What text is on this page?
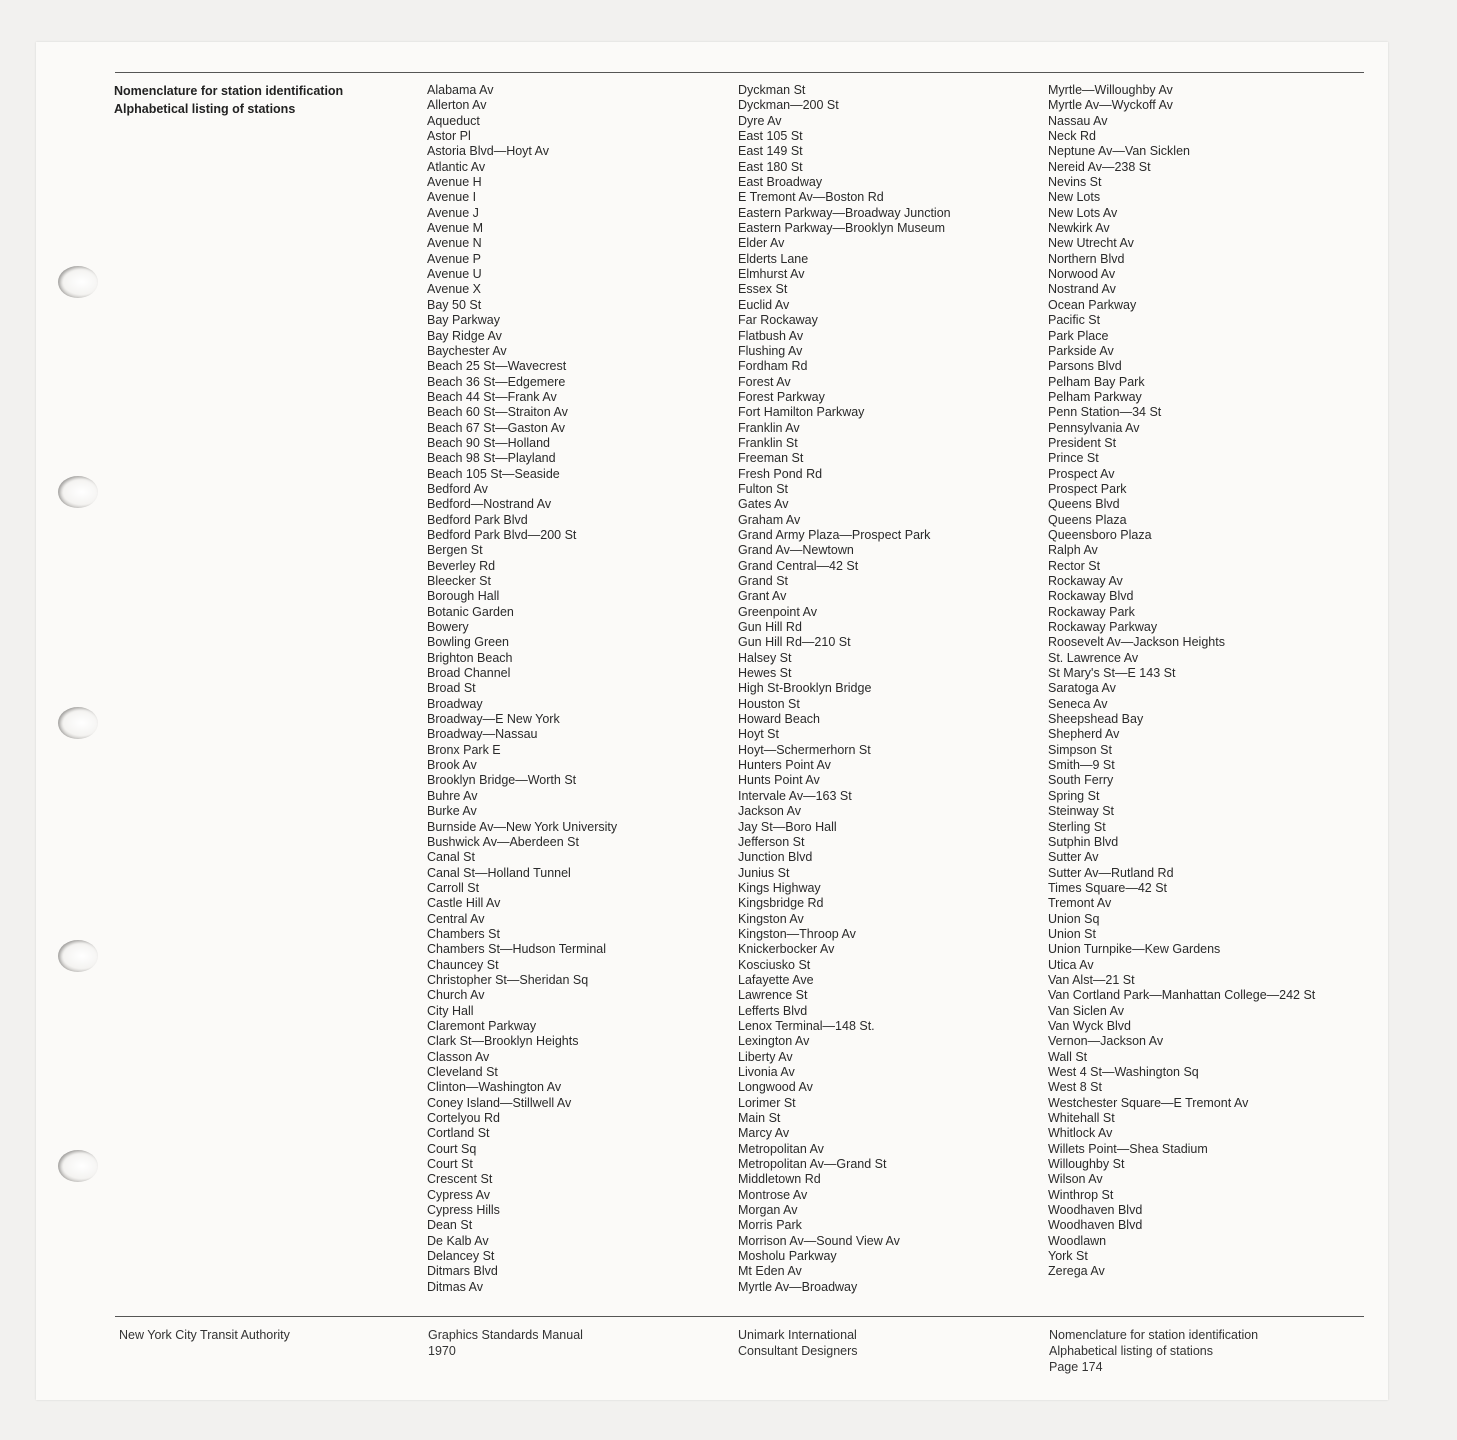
Nomenclature for station identification
Alphabetical listing of stations
Alabama Av
Allerton Av
Aqueduct
Astor Pl
Astoria Blvd—Hoyt Av
Atlantic Av
Avenue H
Avenue I
Avenue J
Avenue M
Avenue N
Avenue P
Avenue U
Avenue X
Bay 50 St
Bay Parkway
Bay Ridge Av
Baychester Av
Beach 25 St—Wavecrest
Beach 36 St—Edgemere
Beach 44 St—Frank Av
Beach 60 St—Straiton Av
Beach 67 St—Gaston Av
Beach 90 St—Holland
Beach 98 St—Playland
Beach 105 St—Seaside
Bedford Av
Bedford—Nostrand Av
Bedford Park Blvd
Bedford Park Blvd—200 St
Bergen St
Beverley Rd
Bleecker St
Borough Hall
Botanic Garden
Bowery
Bowling Green
Brighton Beach
Broad Channel
Broad St
Broadway
Broadway—E New York
Broadway—Nassau
Bronx Park E
Brook Av
Brooklyn Bridge—Worth St
Buhre Av
Burke Av
Burnside Av—New York University
Bushwick Av—Aberdeen St
Canal St
Canal St—Holland Tunnel
Carroll St
Castle Hill Av
Central Av
Chambers St
Chambers St—Hudson Terminal
Chauncey St
Christopher St—Sheridan Sq
Church Av
City Hall
Claremont Parkway
Clark St—Brooklyn Heights
Classon Av
Cleveland St
Clinton—Washington Av
Coney Island—Stillwell Av
Cortelyou Rd
Cortland St
Court Sq
Court St
Crescent St
Cypress Av
Cypress Hills
Dean St
De Kalb Av
Delancey St
Ditmars Blvd
Ditmas Av
Dyckman St
Dyckman—200 St
Dyre Av
East 105 St
East 149 St
East 180 St
East Broadway
E Tremont Av—Boston Rd
Eastern Parkway—Broadway Junction
Eastern Parkway—Brooklyn Museum
Elder Av
Elderts Lane
Elmhurst Av
Essex St
Euclid Av
Far Rockaway
Flatbush Av
Flushing Av
Fordham Rd
Forest Av
Forest Parkway
Fort Hamilton Parkway
Franklin Av
Franklin St
Freeman St
Fresh Pond Rd
Fulton St
Gates Av
Graham Av
Grand Army Plaza—Prospect Park
Grand Av—Newtown
Grand Central—42 St
Grand St
Grant Av
Greenpoint Av
Gun Hill Rd
Gun Hill Rd—210 St
Halsey St
Hewes St
High St-Brooklyn Bridge
Houston St
Howard Beach
Hoyt St
Hoyt—Schermerhorn St
Hunters Point Av
Hunts Point Av
Intervale Av—163 St
Jackson Av
Jay St—Boro Hall
Jefferson St
Junction Blvd
Junius St
Kings Highway
Kingsbridge Rd
Kingston Av
Kingston—Throop Av
Knickerbocker Av
Kosciusko St
Lafayette Ave
Lawrence St
Lefferts Blvd
Lenox Terminal—148 St.
Lexington Av
Liberty Av
Livonia Av
Longwood Av
Lorimer St
Main St
Marcy Av
Metropolitan Av
Metropolitan Av—Grand St
Middletown Rd
Montrose Av
Morgan Av
Morris Park
Morrison Av—Sound View Av
Mosholu Parkway
Mt Eden Av
Myrtle Av—Broadway
Myrtle—Willoughby Av
Myrtle Av—Wyckoff Av
Nassau Av
Neck Rd
Neptune Av—Van Sicklen
Nereid Av—238 St
Nevins St
New Lots
New Lots Av
Newkirk Av
New Utrecht Av
Northern Blvd
Norwood Av
Nostrand Av
Ocean Parkway
Pacific St
Park Place
Parkside Av
Parsons Blvd
Pelham Bay Park
Pelham Parkway
Penn Station—34 St
Pennsylvania Av
President St
Prince St
Prospect Av
Prospect Park
Queens Blvd
Queens Plaza
Queensboro Plaza
Ralph Av
Rector St
Rockaway Av
Rockaway Blvd
Rockaway Park
Rockaway Parkway
Roosevelt Av—Jackson Heights
St. Lawrence Av
St Mary's St—E 143 St
Saratoga Av
Seneca Av
Sheepshead Bay
Shepherd Av
Simpson St
Smith—9 St
South Ferry
Spring St
Steinway St
Sterling St
Sutphin Blvd
Sutter Av
Sutter Av—Rutland Rd
Times Square—42 St
Tremont Av
Union Sq
Union St
Union Turnpike—Kew Gardens
Utica Av
Van Alst—21 St
Van Cortland Park—Manhattan College—242 St
Van Siclen Av
Van Wyck Blvd
Vernon—Jackson Av
Wall St
West 4 St—Washington Sq
West 8 St
Westchester Square—E Tremont Av
Whitehall St
Whitlock Av
Willets Point—Shea Stadium
Willoughby St
Wilson Av
Winthrop St
Woodhaven Blvd
Woodhaven Blvd
Woodlawn
York St
Zerega Av
New York City Transit Authority	Graphics Standards Manual
1970
Unimark International
Consultant Designers
Nomenclature for station identification
Alphabetical listing of stations
Page 174
